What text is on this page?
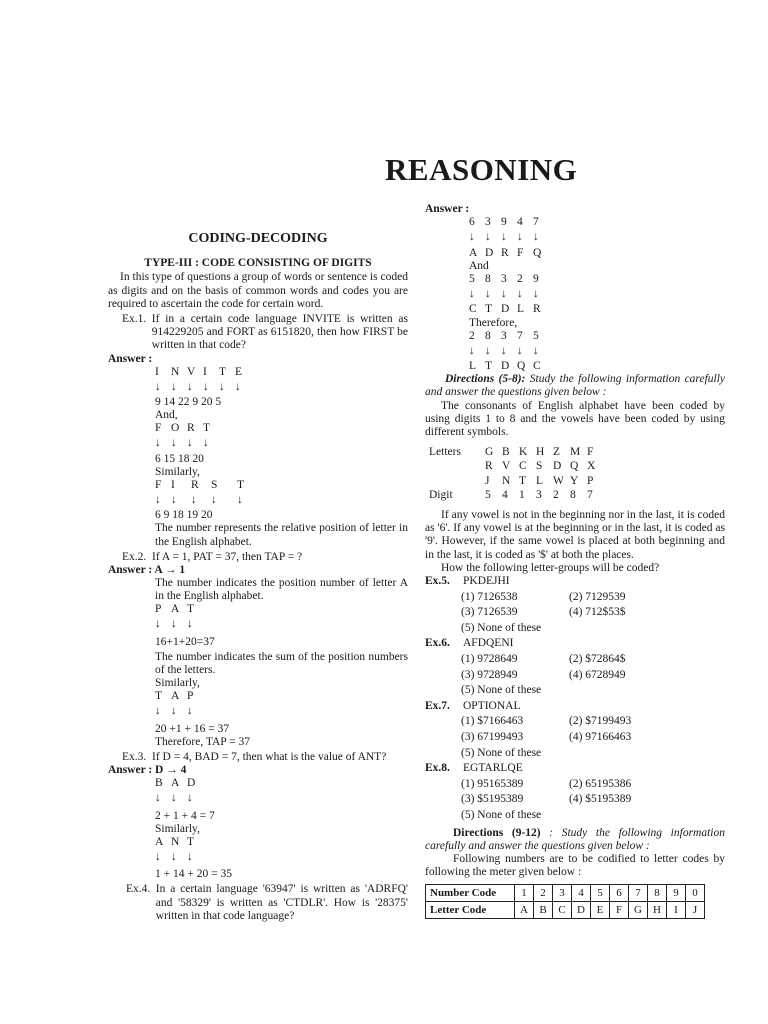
REASONING
CODING-DECODING
TYPE-III : CODE CONSISTING OF DIGITS
In this type of questions a group of words or sentence is coded as digits and on the basis of common words and codes you are required to ascertain the code for certain word.
Ex.1. If in a certain code language INVITE is written as 914229205 and FORT as 6151820, then how FIRST be written in that code?
Answer :
I	N V I	T E
↓ ↓ ↓ ↓ ↓ ↓
9 14 22 9 20 5
And,
F O R T
↓ ↓ ↓ ↓
6 15 18 20
Similarly,
F I	R	S	T
↓ ↓	↓	↓	↓
6 9 18 19 20
The number represents the relative position of letter in the English alphabet.
Ex.2. If A = 1, PAT = 37, then TAP = ?
Answer : A → 1
The number indicates the position number of letter A in the English alphabet.
P A T
↓ ↓ ↓
16+1+20=37
The number indicates the sum of the position numbers of the letters.
Similarly,
T A P
↓ ↓ ↓
20 +1 + 16 = 37
Therefore, TAP = 37
Ex.3. If D = 4, BAD = 7, then what is the value of ANT?
Answer : D → 4
B A D
↓ ↓ ↓
2 + 1 + 4 = 7
Similarly,
A N T
↓ ↓ ↓
1 + 14 + 20 = 35
Ex.4. In a certain language '63947' is written as 'ADRFQ' and '58329' is written as 'CTDLR'. How is '28375' written in that code language?
Answer :
6 3 9 4 7
↓ ↓ ↓ ↓ ↓
A D R F Q
And
5 8 3 2 9
↓ ↓ ↓ ↓ ↓
C T D L R
Therefore,
2 8 3 7 5
↓ ↓ ↓ ↓ ↓
L T D Q C
Directions (5-8): Study the following information carefully and answer the questions given below :
The consonants of English alphabet have been coded by using digits 1 to 8 and the vowels have been coded by using different symbols.
Letters	G B K H Z M F
R V C S D Q X
J	N T L W Y P
Digit	5 4 1 3 2 8 7
If any vowel is not in the beginning nor in the last, it is coded as '6'. If any vowel is at the beginning or in the last, it is coded as '9'. However, if the same vowel is placed at both beginning and in the last, it is coded as '$' at both the places.
How the following letter-groups will be coded?
Ex.5.	PKDEJHI
(1) 7126538	(2) 7129539
(3) 7126539	(4) 712$53$
(5) None of these
Ex.6.	AFDQENI
(1) 9728649	(2) $72864$
(3) 9728949	(4) 6728949
(5) None of these
Ex.7.	OPTIONAL
(1) $7166463	(2) $7199493
(3) 67199493	(4) 97166463
(5) None of these
Ex.8.	EGTARLQE
(1) 95165389	(2) 65195386
(3) $5195389	(4) $5195389
(5) None of these
Directions (9-12) : Study the following information carefully and answer the questions given below :
Following numbers are to be codified to letter codes by following the meter given below :
Number Code	1	2	3	4	5	6	7	8	9	0
Letter Code	A	B	C	D	E	F	G	H	I	J
